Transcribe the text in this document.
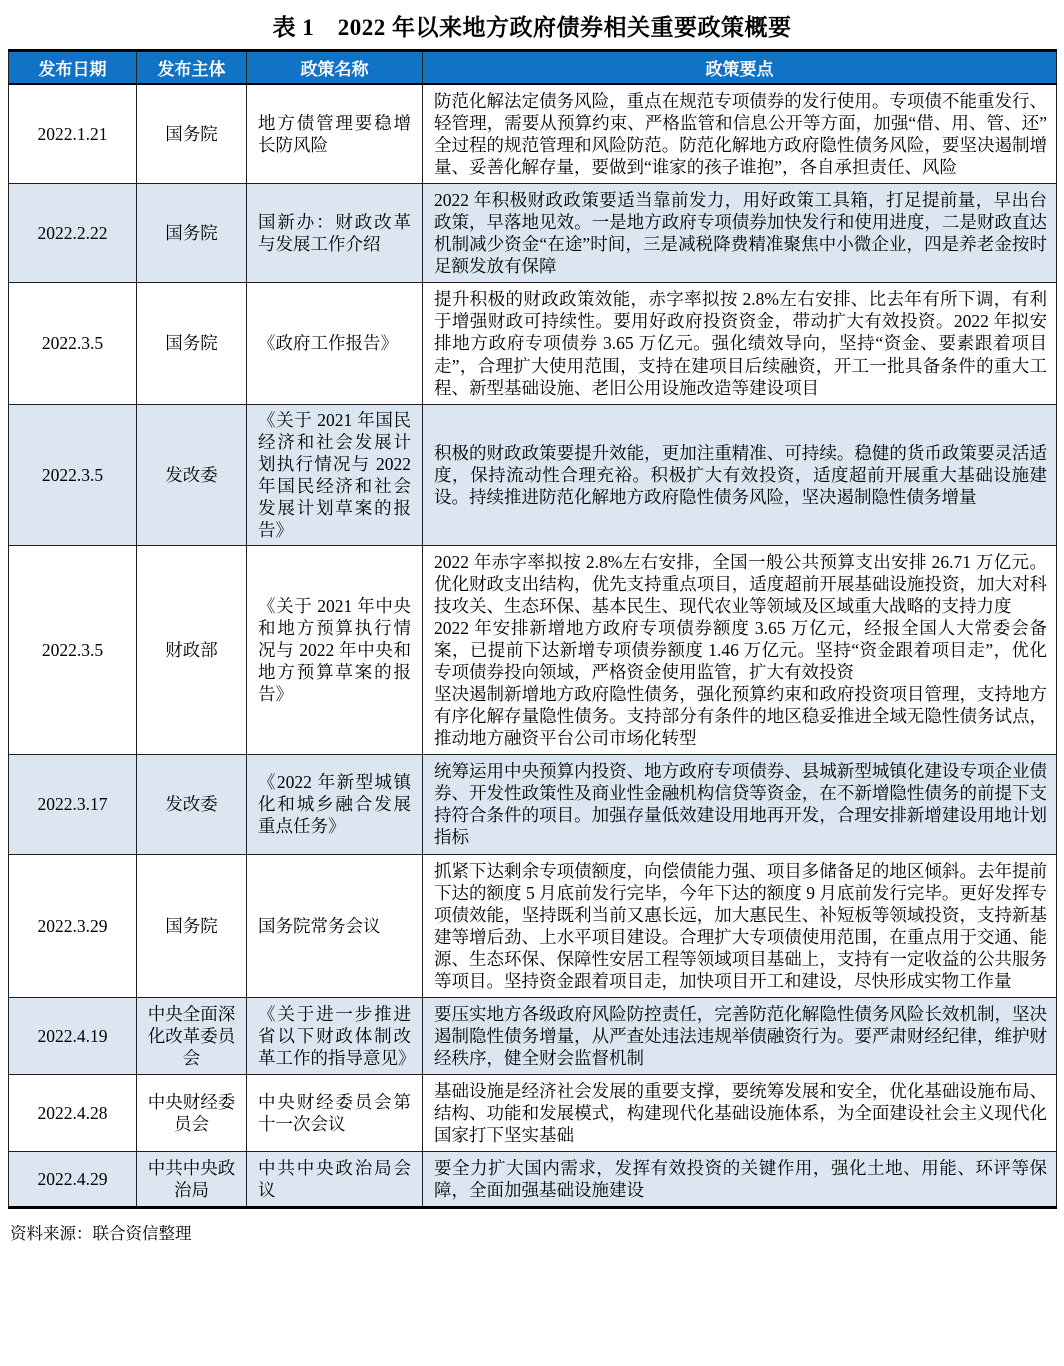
表 1　2022 年以来地方政府债券相关重要政策概要
发布日期	发布主体	政策名称	政策要点
2022.1.21	国务院	地方债管理要稳增长防风险	防范化解法定债务风险，重点在规范专项债券的发行使用。专项债不能重发行、轻管理，需要从预算约束、严格监管和信息公开等方面，加强“借、用、管、还”全过程的规范管理和风险防范。防范化解地方政府隐性债务风险，要坚决遏制增量、妥善化解存量，要做到“谁家的孩子谁抱”，各自承担责任、风险

2022.2.22	国务院	国新办：财政改革与发展工作介绍	2022 年积极财政政策要适当靠前发力，用好政策工具箱，打足提前量，早出台政策，早落地见效。一是地方政府专项债券加快发行和使用进度，二是财政直达机制减少资金“在途”时间，三是减税降费精准聚焦中小微企业，四是养老金按时足额发放有保障

2022.3.5	国务院	《政府工作报告》	提升积极的财政政策效能，赤字率拟按 2.8%左右安排、比去年有所下调，有利于增强财政可持续性。要用好政府投资资金，带动扩大有效投资。2022 年拟安排地方政府专项债券 3.65 万亿元。强化绩效导向，坚持“资金、要素跟着项目走”，合理扩大使用范围，支持在建项目后续融资，开工一批具备条件的重大工程、新型基础设施、老旧公用设施改造等建设项目

2022.3.5	发改委	《关于 2021 年国民经济和社会发展计划执行情况与 2022 年国民经济和社会发展计划草案的报告》	积极的财政政策要提升效能，更加注重精准、可持续。稳健的货币政策要灵活适度，保持流动性合理充裕。积极扩大有效投资，适度超前开展重大基础设施建设。持续推进防范化解地方政府隐性债务风险，坚决遏制隐性债务增量

2022.3.5	财政部	《关于 2021 年中央和地方预算执行情况与 2022 年中央和地方预算草案的报告》	2022 年赤字率拟按 2.8%左右安排，全国一般公共预算支出安排 26.71 万亿元。优化财政支出结构，优先支持重点项目，适度超前开展基础设施投资，加大对科技攻关、生态环保、基本民生、现代农业等领域及区域重大战略的支持力度

2022 年安排新增地方政府专项债券额度 3.65 万亿元，经报全国人大常委会备案，已提前下达新增专项债券额度 1.46 万亿元。坚持“资金跟着项目走”，优化专项债券投向领域，严格资金使用监管，扩大有效投资

坚决遏制新增地方政府隐性债务，强化预算约束和政府投资项目管理，支持地方有序化解存量隐性债务。支持部分有条件的地区稳妥推进全域无隐性债务试点，推动地方融资平台公司市场化转型

2022.3.17	发改委	《2022 年新型城镇化和城乡融合发展重点任务》	统筹运用中央预算内投资、地方政府专项债券、县城新型城镇化建设专项企业债券、开发性政策性及商业性金融机构信贷等资金，在不新增隐性债务的前提下支持符合条件的项目。加强存量低效建设用地再开发，合理安排新增建设用地计划指标

2022.3.29	国务院	国务院常务会议	抓紧下达剩余专项债额度，向偿债能力强、项目多储备足的地区倾斜。去年提前下达的额度 5 月底前发行完毕，今年下达的额度 9 月底前发行完毕。更好发挥专项债效能，坚持既利当前又惠长远，加大惠民生、补短板等领域投资，支持新基建等增后劲、上水平项目建设。合理扩大专项债使用范围，在重点用于交通、能源、生态环保、保障性安居工程等领域项目基础上，支持有一定收益的公共服务等项目。坚持资金跟着项目走，加快项目开工和建设，尽快形成实物工作量

2022.4.19	中央全面深化改革委员会	《关于进一步推进省以下财政体制改革工作的指导意见》	要压实地方各级政府风险防控责任，完善防范化解隐性债务风险长效机制，坚决遏制隐性债务增量，从严查处违法违规举债融资行为。要严肃财经纪律，维护财经秩序，健全财会监督机制

2022.4.28	中央财经委员会	中央财经委员会第十一次会议	基础设施是经济社会发展的重要支撑，要统筹发展和安全，优化基础设施布局、结构、功能和发展模式，构建现代化基础设施体系，为全面建设社会主义现代化国家打下坚实基础

2022.4.29	中共中央政治局	中共中央政治局会议	要全力扩大国内需求，发挥有效投资的关键作用，强化土地、用能、环评等保障，全面加强基础设施建设

资料来源：联合资信整理
